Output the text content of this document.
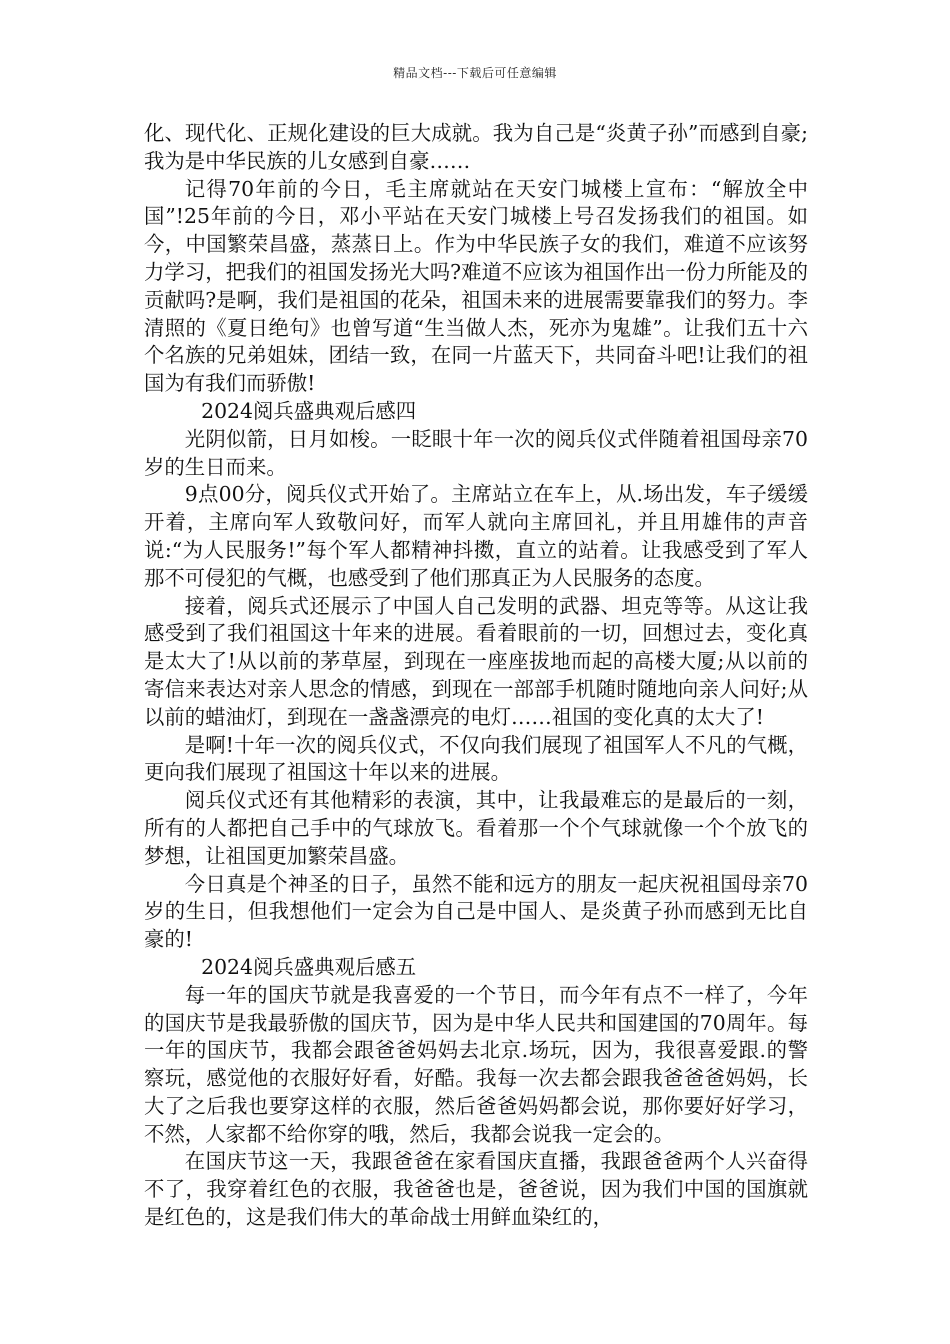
精品文档---下载后可任意编辑

化、现代化、正规化建设的巨大成就。我为自己是“炎黄子孙”而感到自豪;我为是中华民族的儿女感到自豪……

记得70年前的今日，毛主席就站在天安门城楼上宣布：“解放全中国”!25年前的今日，邓小平站在天安门城楼上号召发扬我们的祖国。如今，中国繁荣昌盛，蒸蒸日上。作为中华民族子女的我们，难道不应该努力学习，把我们的祖国发扬光大吗?难道不应该为祖国作出一份力所能及的贡献吗?是啊，我们是祖国的花朵，祖国未来的进展需要靠我们的努力。李清照的《夏日绝句》也曾写道“生当做人杰，死亦为鬼雄”。让我们五十六个名族的兄弟姐妹，团结一致，在同一片蓝天下，共同奋斗吧!让我们的祖国为有我们而骄傲!

2024阅兵盛典观后感四

光阴似箭，日月如梭。一眨眼十年一次的阅兵仪式伴随着祖国母亲70岁的生日而来。

9点00分，阅兵仪式开始了。主席站立在车上，从.场出发，车子缓缓开着，主席向军人致敬问好，而军人就向主席回礼，并且用雄伟的声音说:“为人民服务!”每个军人都精神抖擞，直立的站着。让我感受到了军人那不可侵犯的气概，也感受到了他们那真正为人民服务的态度。

接着，阅兵式还展示了中国人自己发明的武器、坦克等等。从这让我感受到了我们祖国这十年来的进展。看着眼前的一切，回想过去，变化真是太大了!从以前的茅草屋，到现在一座座拔地而起的高楼大厦;从以前的寄信来表达对亲人思念的情感，到现在一部部手机随时随地向亲人问好;从以前的蜡油灯，到现在一盏盏漂亮的电灯……祖国的变化真的太大了!

是啊!十年一次的阅兵仪式，不仅向我们展现了祖国军人不凡的气概，更向我们展现了祖国这十年以来的进展。

阅兵仪式还有其他精彩的表演，其中，让我最难忘的是最后的一刻，所有的人都把自己手中的气球放飞。看着那一个个气球就像一个个放飞的梦想，让祖国更加繁荣昌盛。

今日真是个神圣的日子，虽然不能和远方的朋友一起庆祝祖国母亲70岁的生日，但我想他们一定会为自己是中国人、是炎黄子孙而感到无比自豪的!

2024阅兵盛典观后感五

每一年的国庆节就是我喜爱的一个节日，而今年有点不一样了，今年的国庆节是我最骄傲的国庆节，因为是中华人民共和国建国的70周年。每一年的国庆节，我都会跟爸爸妈妈去北京.场玩，因为，我很喜爱跟.的警察玩，感觉他的衣服好好看，好酷。我每一次去都会跟我爸爸爸妈妈，长大了之后我也要穿这样的衣服，然后爸爸妈妈都会说，那你要好好学习，不然，人家都不给你穿的哦，然后，我都会说我一定会的。

在国庆节这一天，我跟爸爸在家看国庆直播，我跟爸爸两个人兴奋得不了，我穿着红色的衣服，我爸爸也是，爸爸说，因为我们中国的国旗就是红色的，这是我们伟大的革命战士用鲜血染红的，
